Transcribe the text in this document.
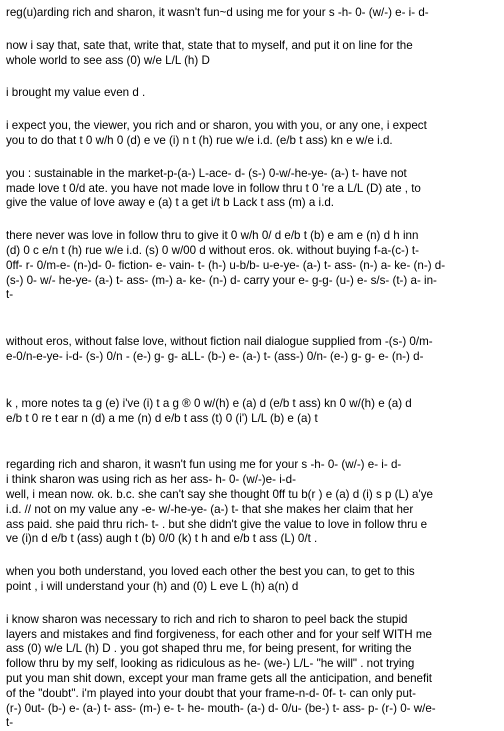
reg(u)arding rich and sharon, it wasn't fun~d using me for your s -h- 0- (w/-) e- i- d-

now i say that, sate that, write that, state that to myself, and put it on line for the
whole world to see ass (0) w/e L/L (h) D

i brought my value even d .

i expect you, the viewer, you rich and or sharon, you with you, or any one, i expect
you to do that t 0 w/h 0 (d) e ve (i) n t (h) rue w/e i.d. (e/b t ass) kn e w/e i.d.

you : sustainable in the market-p-(a-) L-ace- d- (s-) 0-w/-he-ye- (a-) t- have not
made love t 0/d ate. you have not made love in follow thru t 0 're a L/L (D) ate , to
give the value of love away e (a) t a get i/t b Lack t ass (m) a i.d.

there never was love in follow thru to give it 0 w/h 0/ d e/b t (b) e am e (n) d h inn
(d) 0 c e/n t (h) rue w/e i.d. (s) 0 w/00 d without eros. ok. without buying f-a-(c-) t-
0ff- r- 0/m-e- (n-)d- 0- fiction- e- vain- t- (h-) u-b/b- u-e-ye- (a-) t- ass- (n-) a- ke- (n-) d-
(s-) 0- w/- he-ye- (a-) t- ass- (m-) a- ke- (n-) d- carry your e- g-g- (u-) e- s/s- (t-) a- in-
t-

without eros, without false love, without fiction nail dialogue supplied from -(s-) 0/m-
e-0/n-e-ye- i-d- (s-) 0/n - (e-) g- g- aLL- (b-) e- (a-) t- (ass-) 0/n- (e-) g- g- e- (n-) d-

k , more notes ta g (e) i've (i) t a g ® 0 w/(h) e (a) d (e/b t ass) kn 0 w/(h) e (a) d
e/b t 0 re t ear n (d) a me (n) d e/b t ass (t) 0 (i') L/L (b) e (a) t

regarding rich and sharon, it wasn't fun using me for your s -h- 0- (w/-) e- i- d-
i think sharon was using rich as her ass- h- 0- (w/-)e- i-d-
well, i mean now. ok. b.c. she can't say she thought 0ff tu b(r ) e (a) d (i) s p (L) a'ye
i.d. // not on my value any -e- w/-he-ye- (a-) t- that she makes her claim that her
ass paid. she paid thru rich- t- . but she didn't give the value to love in follow thru e
ve (i)n d e/b t (ass) augh t (b) 0/0 (k) t h and e/b t ass (L) 0/t .

when you both understand, you loved each other the best you can, to get to this
point , i will understand your (h) and (0) L eve L (h) a(n) d

i know sharon was necessary to rich and rich to sharon to peel back the stupid
layers and mistakes and find forgiveness, for each other and for your self WITH me
ass (0) w/e L/L (h) D . you got shaped thru me, for being present, for writing the
follow thru by my self, looking as ridiculous as he- (we-) L/L- "he will" . not trying
put you man shit down, except your man frame gets all the anticipation, and benefit
of the "doubt". i'm played into your doubt that your frame-n-d- 0f- t- can only put-
(r-) 0ut- (b-) e- (a-) t- ass- (m-) e- t- he- mouth- (a-) d- 0/u- (be-) t- ass- p- (r-) 0- w/e-
t-
